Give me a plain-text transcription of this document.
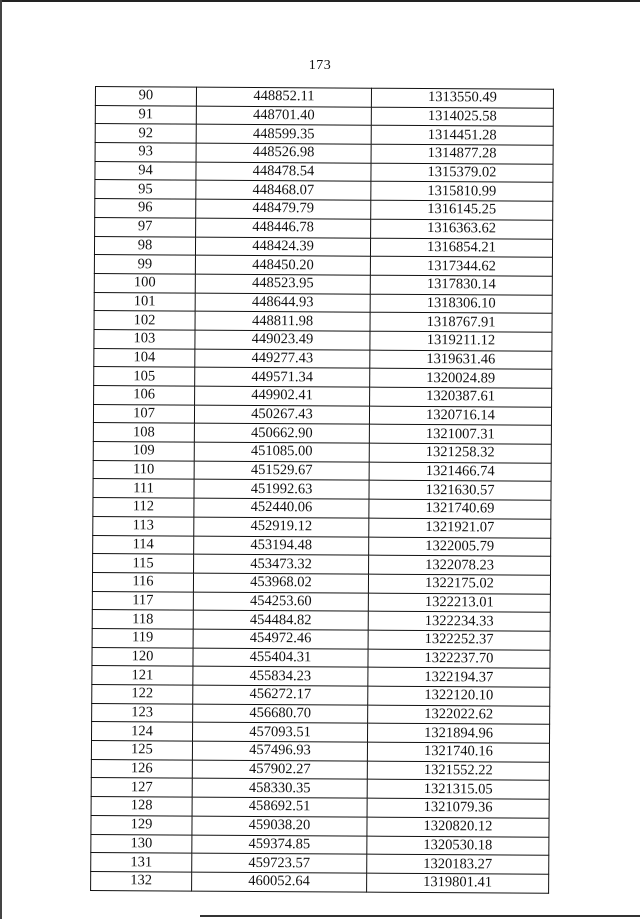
173
90	448852.11	1313550.49
91	448701.40	1314025.58
92	448599.35	1314451.28
93	448526.98	1314877.28
94	448478.54	1315379.02
95	448468.07	1315810.99
96	448479.79	1316145.25
97	448446.78	1316363.62
98	448424.39	1316854.21
99	448450.20	1317344.62
100	448523.95	1317830.14
101	448644.93	1318306.10
102	448811.98	1318767.91
103	449023.49	1319211.12
104	449277.43	1319631.46
105	449571.34	1320024.89
106	449902.41	1320387.61
107	450267.43	1320716.14
108	450662.90	1321007.31
109	451085.00	1321258.32
110	451529.67	1321466.74
111	451992.63	1321630.57
112	452440.06	1321740.69
113	452919.12	1321921.07
114	453194.48	1322005.79
115	453473.32	1322078.23
116	453968.02	1322175.02
117	454253.60	1322213.01
118	454484.82	1322234.33
119	454972.46	1322252.37
120	455404.31	1322237.70
121	455834.23	1322194.37
122	456272.17	1322120.10
123	456680.70	1322022.62
124	457093.51	1321894.96
125	457496.93	1321740.16
126	457902.27	1321552.22
127	458330.35	1321315.05
128	458692.51	1321079.36
129	459038.20	1320820.12
130	459374.85	1320530.18
131	459723.57	1320183.27
132	460052.64	1319801.41
